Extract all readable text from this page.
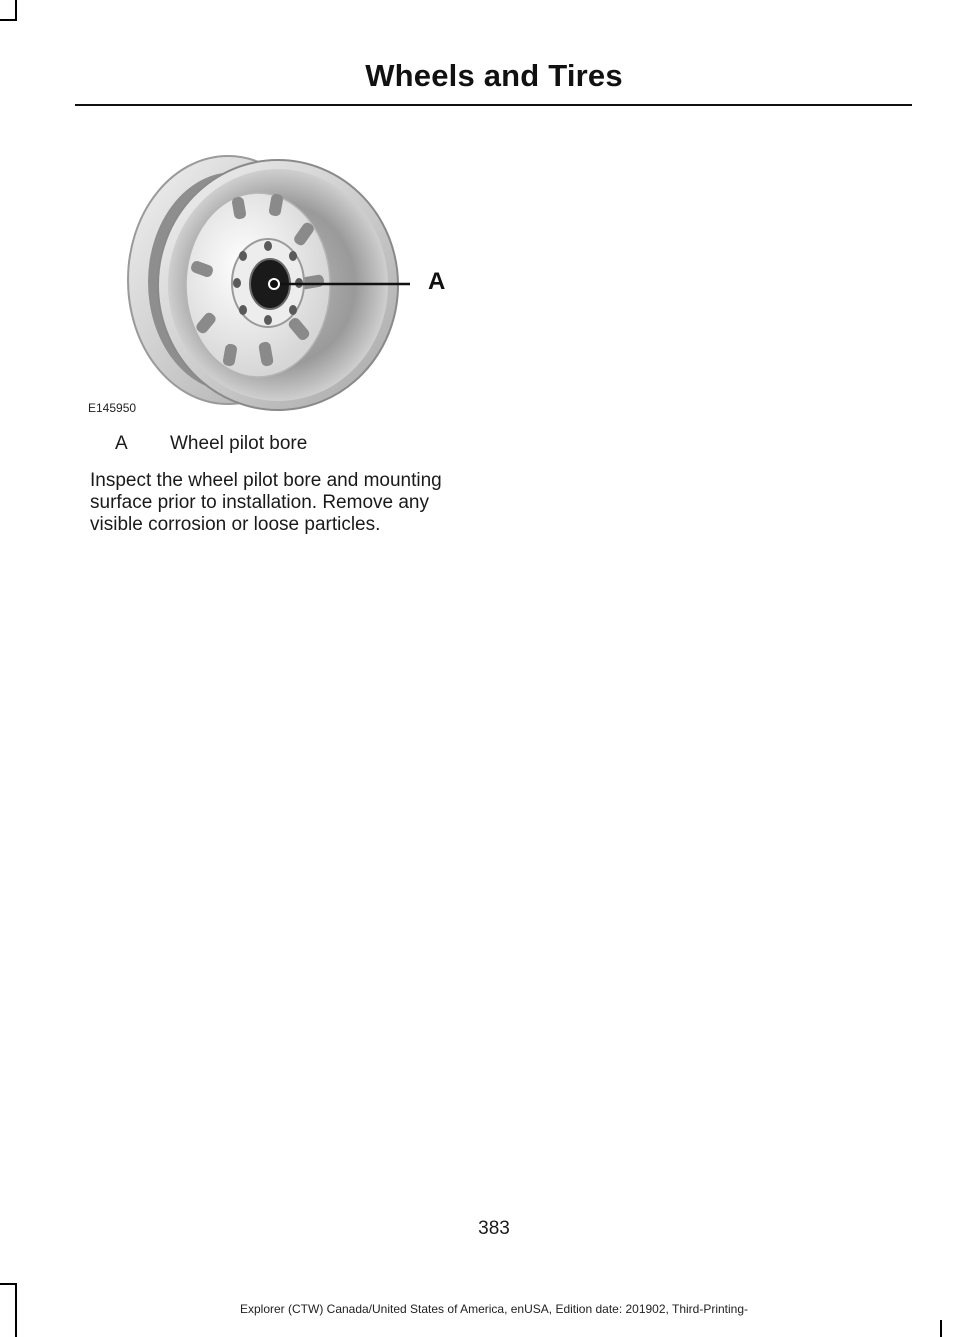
Wheels and Tires
A
E145950
A	Wheel pilot bore
Inspect the wheel pilot bore and mounting surface prior to installation. Remove any visible corrosion or loose particles.
383
Explorer (CTW) Canada/United States of America, enUSA, Edition date: 201902, Third-Printing-
